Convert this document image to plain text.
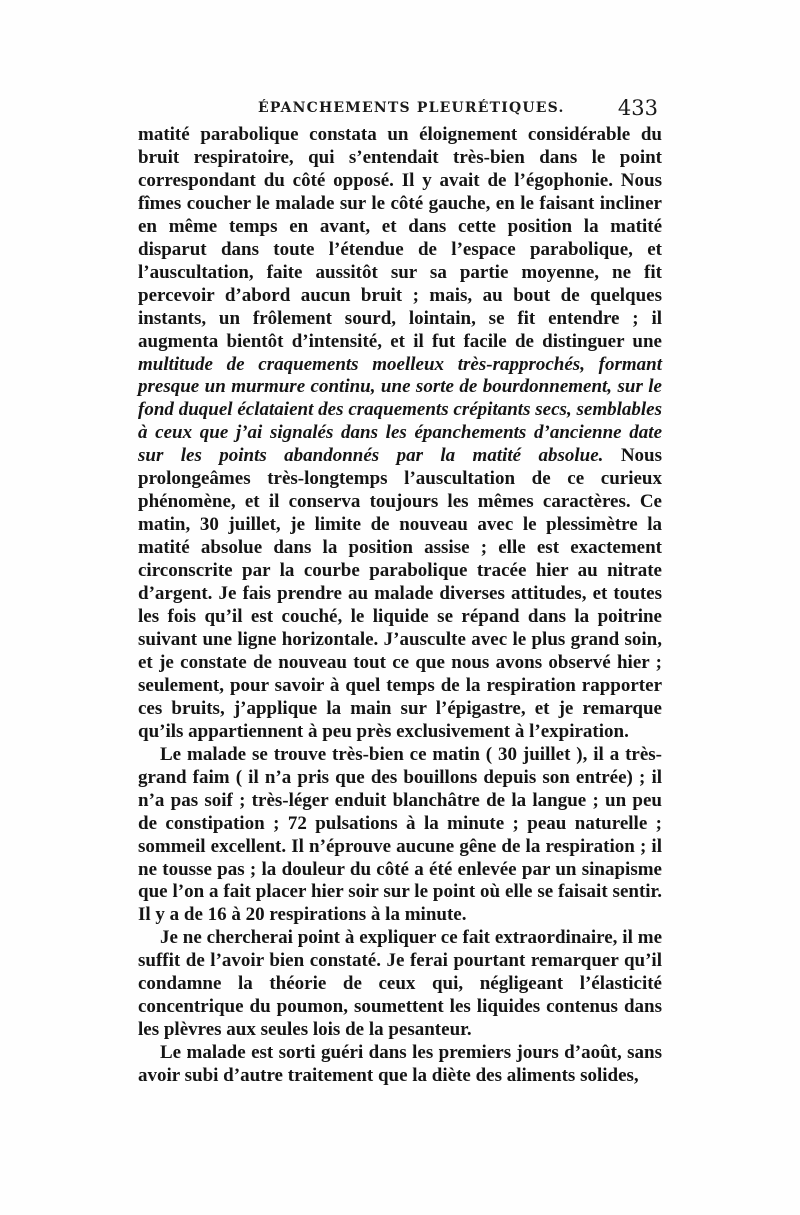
ÉPANCHEMENTS PLEURÉTIQUES.	433

matité parabolique constata un éloignement considérable du bruit respiratoire, qui s’entendait très-bien dans le point correspondant du côté opposé. Il y avait de l’égophonie. Nous fîmes coucher le malade sur le côté gauche, en le faisant incliner en même temps en avant, et dans cette position la matité disparut dans toute l’étendue de l’espace parabolique, et l’auscultation, faite aussitôt sur sa partie moyenne, ne fit percevoir d’abord aucun bruit ; mais, au bout de quelques instants, un frôlement sourd, lointain, se fit entendre ; il augmenta bientôt d’intensité, et il fut facile de distinguer une multitude de craquements moelleux très-rapprochés, formant presque un murmure continu, une sorte de bourdonnement, sur le fond duquel éclataient des craquements crépitants secs, semblables à ceux que j’ai signalés dans les épanchements d’ancienne date sur les points abandonnés par la matité absolue. Nous prolongeâmes très-longtemps l’auscultation de ce curieux phénomène, et il conserva toujours les mêmes caractères. Ce matin, 30 juillet, je limite de nouveau avec le plessimètre la matité absolue dans la position assise ; elle est exactement circonscrite par la courbe parabolique tracée hier au nitrate d’argent. Je fais prendre au malade diverses attitudes, et toutes les fois qu’il est couché, le liquide se répand dans la poitrine suivant une ligne horizontale. J’ausculte avec le plus grand soin, et je constate de nouveau tout ce que nous avons observé hier ; seulement, pour savoir à quel temps de la respiration rapporter ces bruits, j’applique la main sur l’épigastre, et je remarque qu’ils appartiennent à peu près exclusivement à l’expiration.

Le malade se trouve très-bien ce matin ( 30 juillet ), il a très-grand faim ( il n’a pris que des bouillons depuis son entrée) ; il n’a pas soif ; très-léger enduit blanchâtre de la langue ; un peu de constipation ; 72 pulsations à la minute ; peau naturelle ; sommeil excellent. Il n’éprouve aucune gêne de la respiration ; il ne tousse pas ; la douleur du côté a été enlevée par un sinapisme que l’on a fait placer hier soir sur le point où elle se faisait sentir. Il y a de 16 à 20 respirations à la minute.

Je ne chercherai point à expliquer ce fait extraordinaire, il me suffit de l’avoir bien constaté. Je ferai pourtant remarquer qu’il condamne la théorie de ceux qui, négligeant l’élasticité concentrique du poumon, soumettent les liquides contenus dans les plèvres aux seules lois de la pesanteur.

Le malade est sorti guéri dans les premiers jours d’août, sans avoir subi d’autre traitement que la diète des aliments solides,
